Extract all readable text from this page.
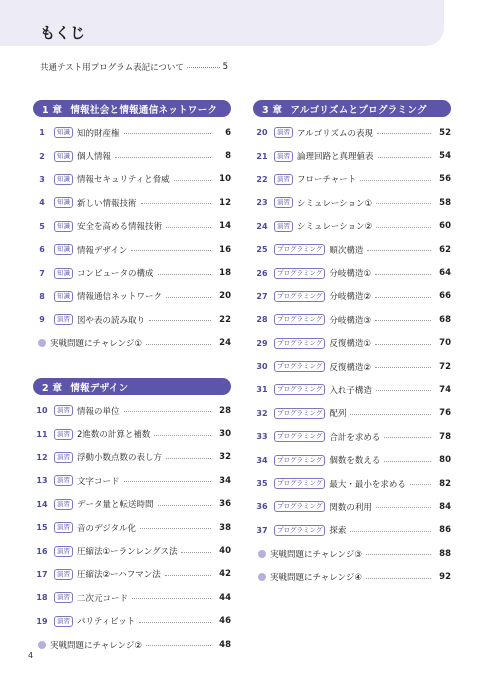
もくじ
共通テスト用プログラム表記について	5
1 章 情報社会と情報通信ネットワーク
1	知識 知的財産権	6
2	知識 個人情報	8
3	知識 情報セキュリティと脅威	10
4	知識 新しい情報技術	12
5	知識 安全を高める情報技術	14
6	知識 情報デザイン	16
7	知識 コンピュータの構成	18
8	知識 情報通信ネットワーク	20
9	演習 図や表の読み取り	22
実戦問題にチャレンジ①	24
2 章 情報デザイン
10	演習 情報の単位	28
11	演習 2進数の計算と補数	30
12	演習 浮動小数点数の表し方	32
13	演習 文字コード	34
14	演習 データ量と転送時間	36
15	演習 音のデジタル化	38
16	演習 圧縮法①ーランレングス法	40
17	演習 圧縮法②ーハフマン法	42
18	演習 二次元コード	44
19	演習 パリティビット	46
実戦問題にチャレンジ②	48
3 章 アルゴリズムとプログラミング
20	演習 アルゴリズムの表現	52
21	演習 論理回路と真理値表	54
22	演習 フローチャート	56
23	演習 シミュレーション①	58
24	演習 シミュレーション②	60
25	プログラミング 順次構造	62
26	プログラミング 分岐構造①	64
27	プログラミング 分岐構造②	66
28	プログラミング 分岐構造③	68
29	プログラミング 反復構造①	70
30	プログラミング 反復構造②	72
31	プログラミング 入れ子構造	74
32	プログラミング 配列	76
33	プログラミング 合計を求める	78
34	プログラミング 個数を数える	80
35	プログラミング 最大・最小を求める	82
36	プログラミング 関数の利用	84
37	プログラミング 探索	86
実戦問題にチャレンジ③	88
実戦問題にチャレンジ④	92
4
